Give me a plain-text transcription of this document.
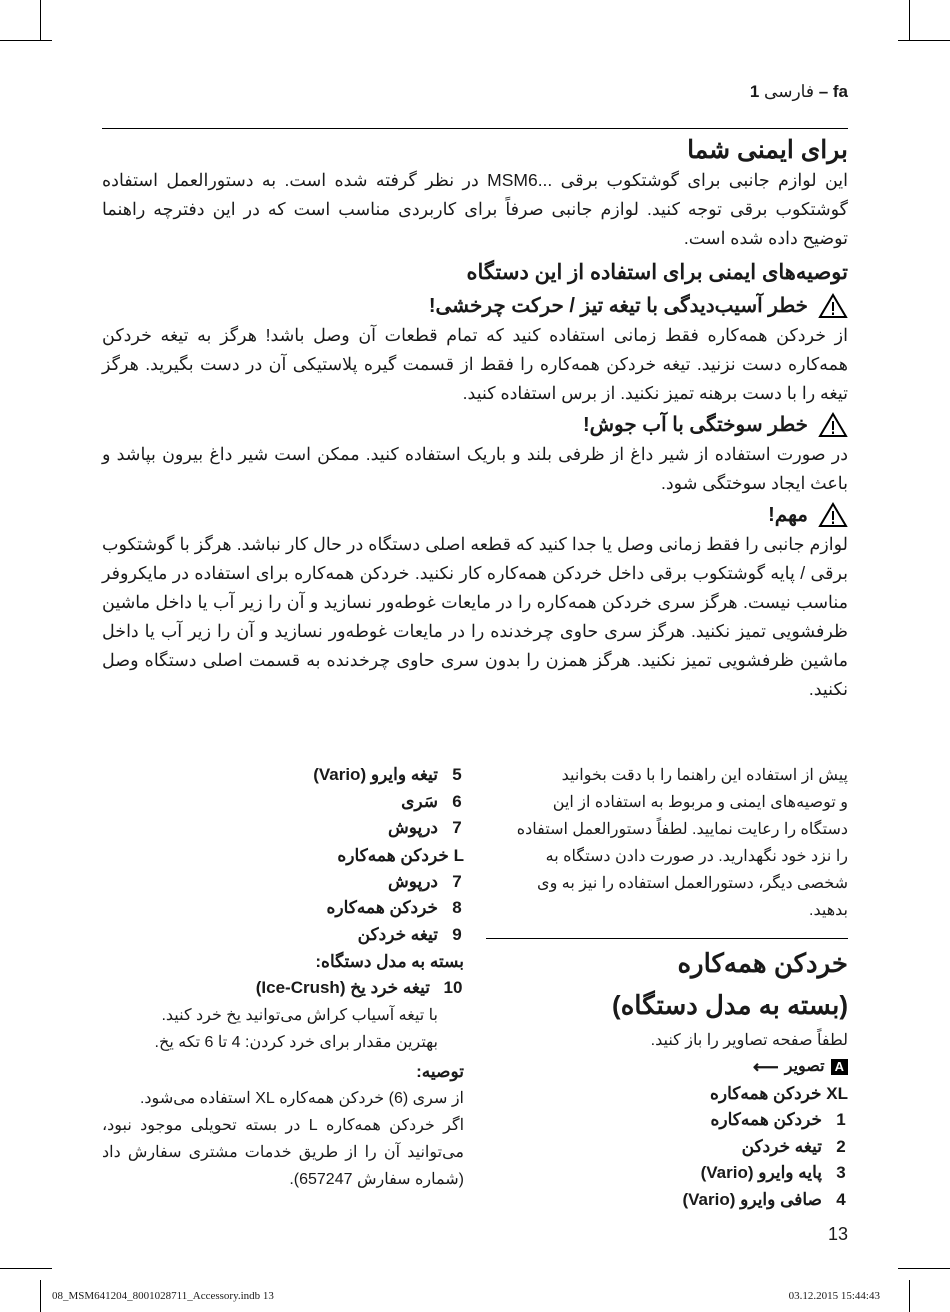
فارسی 1 – fa
برای ایمنی شما

این لوازم جانبی برای گوشتکوب برقی ...MSM6 در نظر گرفته شده است. به دستورالعمل استفاده گوشتکوب برقی توجه کنید. لوازم جانبی صرفاً برای کاربردی مناسب است که در این دفترچه راهنما توضیح داده شده است.

توصیه‌های ایمنی برای استفاده از این دستگاه
خطر آسیب‌دیدگی با تیغه تیز / حرکت چرخشی!

از خردکن همه‌کاره فقط زمانی استفاده کنید که تمام قطعات آن وصل باشد! هرگز به تیغه خردکن همه‌کاره دست نزنید. تیغه خردکن همه‌کاره را فقط از قسمت گیره پلاستیکی آن در دست بگیرید. هرگز تیغه را با دست برهنه تمیز نکنید. از برس استفاده کنید.

خطر سوختگی با آب جوش!

در صورت استفاده از شیر داغ از ظرفی بلند و باریک استفاده کنید. ممکن است شیر داغ بیرون بپاشد و باعث ایجاد سوختگی شود.

مهم!

لوازم جانبی را فقط زمانی وصل یا جدا کنید که قطعه اصلی دستگاه در حال کار نباشد. هرگز با گوشتکوب برقی / پایه گوشتکوب برقی داخل خردکن همه‌کاره کار نکنید. خردکن همه‌کاره برای استفاده در مایکروفر مناسب نیست. هرگز سری خردکن همه‌کاره را در مایعات غوطه‌ور نسازید و آن را زیر آب یا داخل ماشین ظرفشویی تمیز نکنید. هرگز سری حاوی چرخدنده را در مایعات غوطه‌ور نسازید و آن را زیر آب یا داخل ماشین ظرفشویی تمیز نکنید. هرگز همزن را بدون سری حاوی چرخدنده به قسمت اصلی دستگاه وصل نکنید.

پیش از استفاده این راهنما را با دقت بخوانید
و توصیه‌های ایمنی و مربوط به استفاده از این
دستگاه را رعایت نمایید. لطفاً دستورالعمل استفاده
را نزد خود نگهدارید. در صورت دادن دستگاه به
شخصی دیگر، دستورالعمل استفاده را نیز به وی
بدهید.

خردکن همه‌کاره
(بسته به مدل دستگاه)

لطفاً صفحه تصاویر را باز کنید.

A
تصویر
⟵
XL خردکن همه‌کاره
1
خردکن همه‌کاره
2
تیغه خردکن
3
پایه وایرو (Vario)
4
صافی وایرو (Vario)
5
تیغه وایرو (Vario)
6
سَری
7
درپوش
L خردکن همه‌کاره
7
درپوش
8
خردکن همه‌کاره
9
تیغه خردکن
بسته به مدل دستگاه:
10
تیغه خرد یخ (Ice-Crush)
با تیغه آسیاب کراش می‌توانید یخ خرد کنید.
بهترین مقدار برای خرد کردن: 4 تا 6 تکه یخ.
توصیه:

از سری (6) خردکن همه‌کاره XL استفاده می‌شود.

اگر خردکن همه‌کاره L در بسته تحویلی موجود نبود، می‌توانید آن را از طریق خدمات مشتری سفارش داد (شماره سفارش 657247).

13
08_MSM641204_8001028711_Accessory.indb 13	03.12.2015 15:44:43
